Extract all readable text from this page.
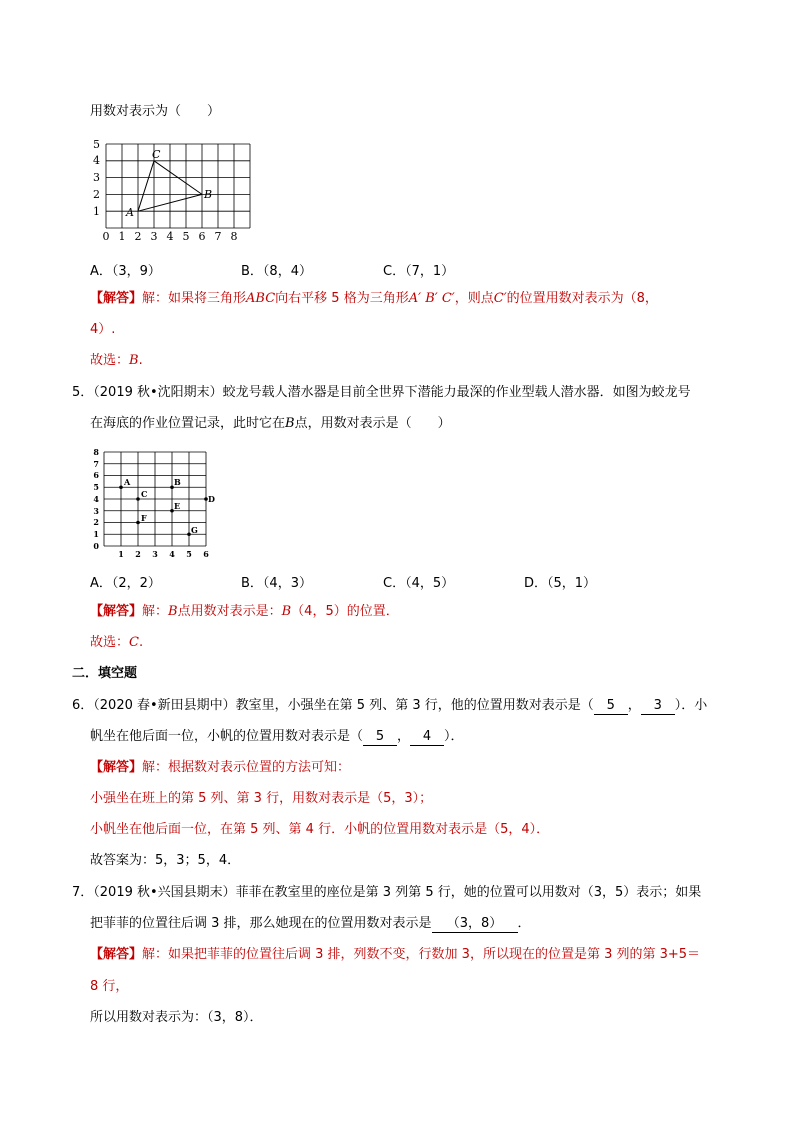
用数对表示为（　　）
A
B
C
0 1 2 3 4 5 6 7 8
1
2
3
4
5
A．（3，9）	B．（8，4）	C．（7，1）
【解答】解：如果将三角形ABC向右平移 5 格为三角形A′ B′ C′，则点C′的位置用数对表示为（8，
4）.
故选：B.
5．（2019 秋•沈阳期末）蛟龙号载人潜水器是目前全世界下潜能力最深的作业型载人潜水器．如图为蛟龙号
在海底的作业位置记录，此时它在B点，用数对表示是（　　）
A	B
C	D
E
F
G
1 2 3 4 5 6
0
1
2
3
4
5
6
7
8
A．（2，2）	B．（4，3）	C．（4，5）	D．（5，1）
【解答】解：B点用数对表示是：B（4，5）的位置．
故选：C.
二．填空题
6．（2020 春•新田县期中）教室里，小强坐在第 5 列、第 3 行，他的位置用数对表示是（ 5 ， 3 ）．小
帆坐在他后面一位，小帆的位置用数对表示是（ 5 ， 4 ）．
【解答】解：根据数对表示位置的方法可知：
小强坐在班上的第 5 列、第 3 行，用数对表示是（5，3）；
小帆坐在他后面一位，在第 5 列、第 4 行．小帆的位置用数对表示是（5，4）．
故答案为：5，3；5，4．
7．（2019 秋•兴国县期末）菲菲在教室里的座位是第 3 列第 5 行，她的位置可以用数对（3，5）表示；如果
把菲菲的位置往后调 3 排，那么她现在的位置用数对表示是 （3，8） ．
【解答】解：如果把菲菲的位置往后调 3 排，列数不变，行数加 3，所以现在的位置是第 3 列的第 3+5＝
8 行，
所以用数对表示为：（3，8）．
